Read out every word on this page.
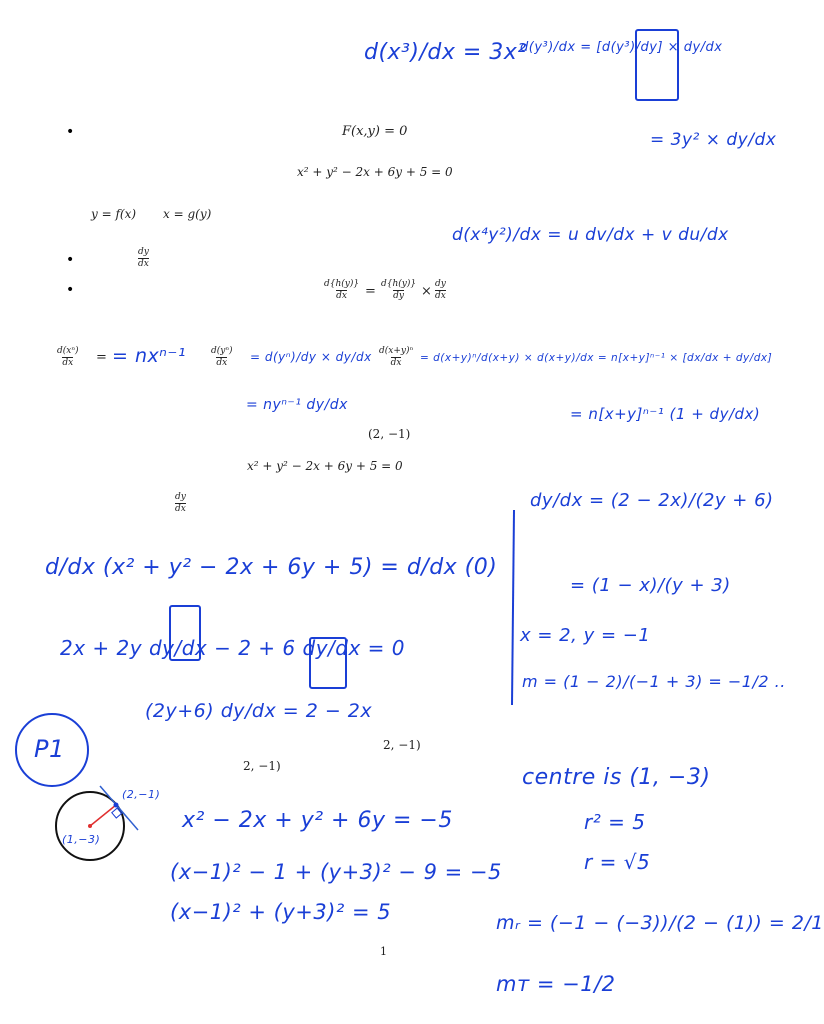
•	F(x,y) = 0
x² + y² − 2x + 6y + 5 = 0
y = f(x) x = g(y)
•	$\frac{dy}{dx}$
•	$\frac{d\{h(y)\}}{dx} = \frac{d\{h(y)\}}{dy} \times \frac{dy}{dx}$
$\frac{\text{d(xⁿ)}}{dx}$ =	$\frac{\text{d(yⁿ)}}{dx}$	$\frac{\text{d(x+y)ⁿ}}{dx}$
(2, −1)
x² + y² − 2x + 6y + 5 = 0
$\frac{dy}{dx}$
2, −1)
2, −1)
1
d(x³)/dx = 3x²
d(y³)/dx = [d(y³)/dy] × dy/dx
= 3y² × dy/dx
d(x⁴y²)/dx = u dv/dx + v du/dx
= nxⁿ⁻¹	= d(yⁿ)/dy × dy/dx
= nyⁿ⁻¹ dy/dx
= d(x+y)ⁿ/d(x+y) × d(x+y)/dx = n[x+y]ⁿ⁻¹ × [dx/dx + dy/dx]
= n[x+y]ⁿ⁻¹ (1 + dy/dx)
d/dx (x² + y² − 2x + 6y + 5) = d/dx (0)
2x + 2y dy/dx − 2 + 6 dy/dx = 0
(2y+6) dy/dx = 2 − 2x
P1
dy/dx = (2 − 2x)/(2y + 6)
= (1 − x)/(y + 3)
x = 2, y = −1
m = (1 − 2)/(−1 + 3) = −1/2 ..
centre is (1, −3)
r² = 5
r = √5
(2,−1)
(1,−3)
x² − 2x + y² + 6y = −5
(x−1)² − 1 + (y+3)² − 9 = −5
(x−1)² + (y+3)² = 5	mᵣ = (−1 − (−3))/(2 − (1)) = 2/1
mᴛ = −1/2
